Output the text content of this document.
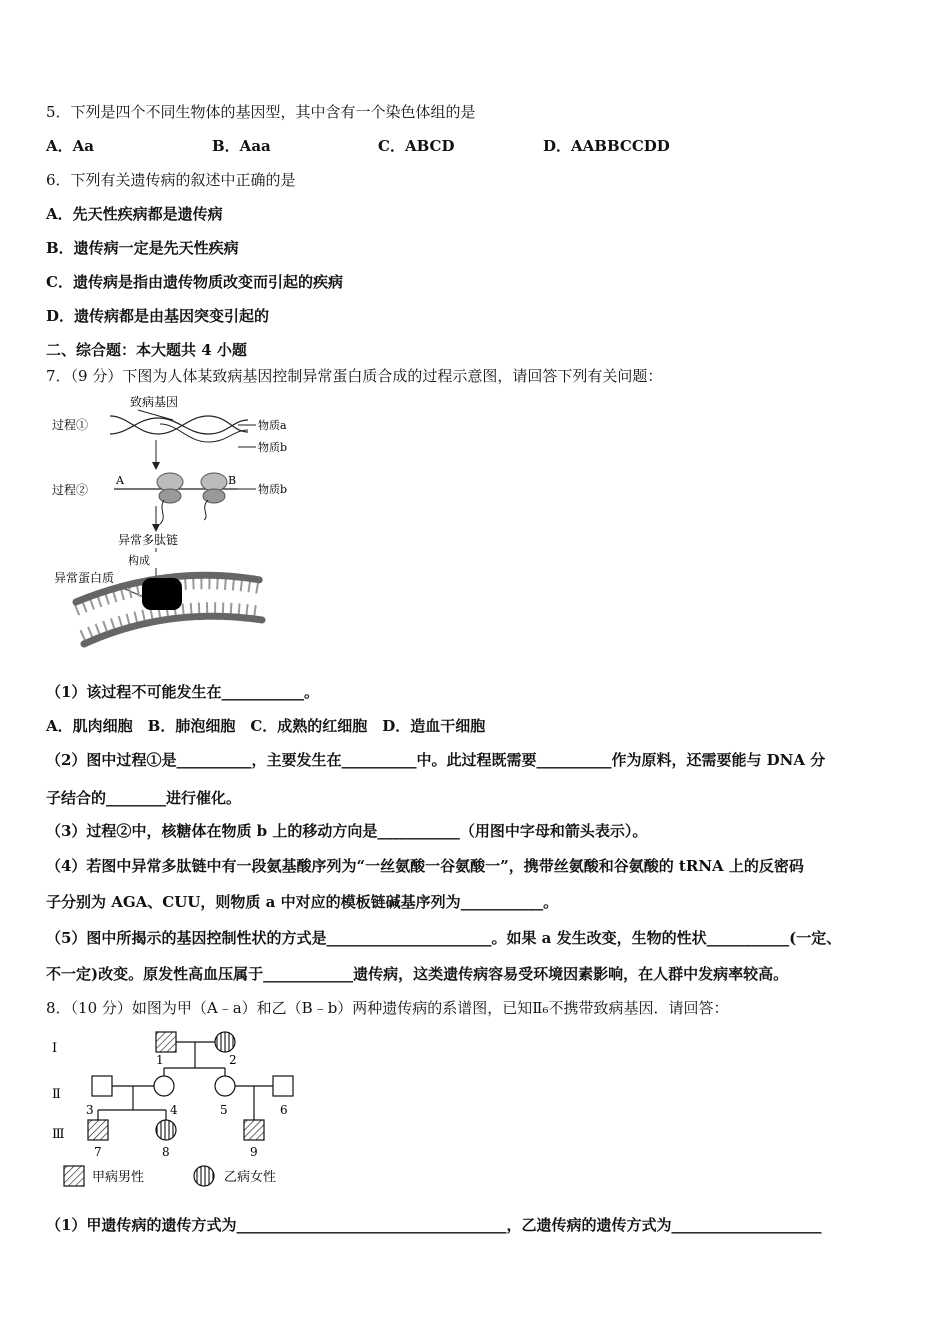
5．下列是四个不同生物体的基因型，其中含有一个染色体组的是
A．Aa	B．Aaa	C．ABCD	D．AABBCCDD
6．下列有关遗传病的叙述中正确的是
A．先天性疾病都是遗传病
B．遗传病一定是先天性疾病
C．遗传病是指由遗传物质改变而引起的疾病
D．遗传病都是由基因突变引起的
二、综合题：本大题共 4 小题
7．（9 分）下图为人体某致病基因控制异常蛋白质合成的过程示意图，请回答下列有关问题：
致病基因
过程①	物质a
物质b
过程②
A	B
物质b
异常多肽链
构成
异常蛋白质
（1）该过程不可能发生在___________。
A．肌肉细胞　B．肺泡细胞　C．成熟的红细胞　D．造血干细胞
（2）图中过程①是__________，主要发生在__________中。此过程既需要__________作为原料，还需要能与 DNA 分
子结合的________进行催化。
（3）过程②中，核糖体在物质 b 上的移动方向是___________（用图中字母和箭头表示）。
（4）若图中异常多肽链中有一段氨基酸序列为“一丝氨酸一谷氨酸一”，携带丝氨酸和谷氨酸的 tRNA 上的反密码
子分别为 AGA、CUU，则物质 a 中对应的模板链碱基序列为___________。
（5）图中所揭示的基因控制性状的方式是______________________。如果 a 发生改变，生物的性状___________(一定、
不一定)改变。原发性高血压属于____________遗传病，这类遗传病容易受环境因素影响，在人群中发病率较高。
8．（10 分）如图为甲（A﹣a）和乙（B﹣b）两种遗传病的系谱图，已知Ⅱ₆不携带致病基因．请回答：
Ⅰ
Ⅱ
Ⅲ
1	2
3	4	5	6
7	8	9
甲病男性	乙病女性
（1）甲遗传病的遗传方式为____________________________________，乙遗传病的遗传方式为____________________
